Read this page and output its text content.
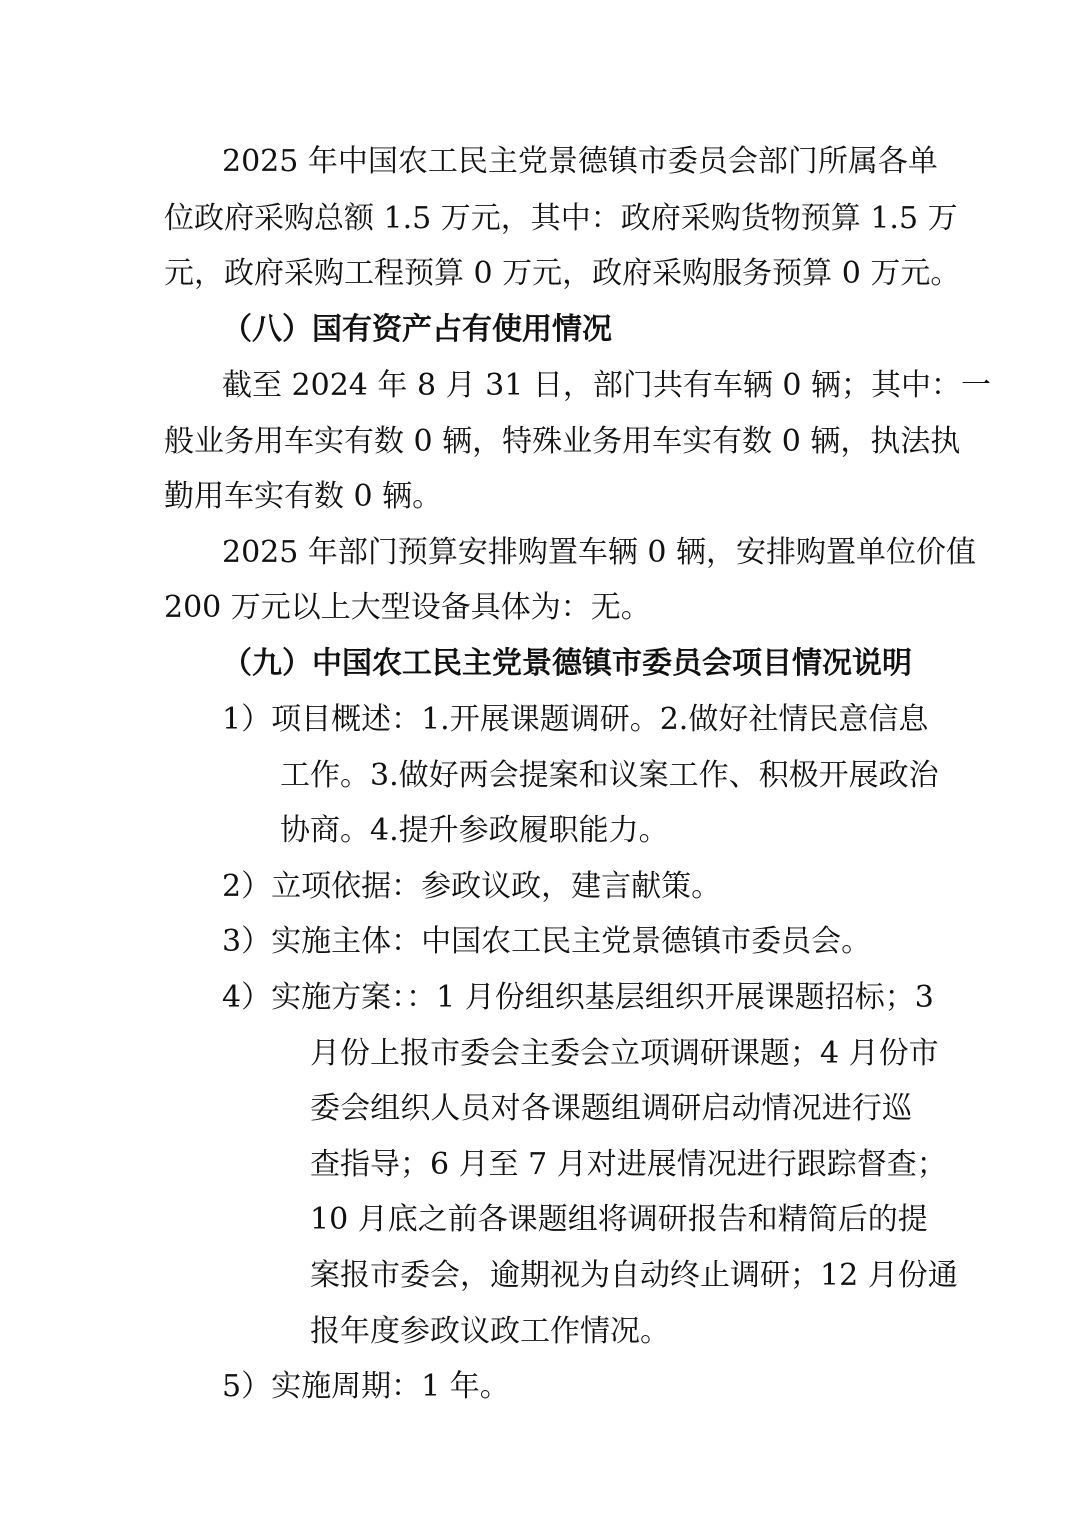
2025 年中国农工民主党景德镇市委员会部门所属各单
位政府采购总额 1.5 万元，其中：政府采购货物预算 1.5 万
元，政府采购工程预算 0 万元，政府采购服务预算 0 万元。
（八）国有资产占有使用情况
截至 2024 年 8 月 31 日，部门共有车辆 0 辆；其中：一
般业务用车实有数 0 辆，特殊业务用车实有数 0 辆，执法执
勤用车实有数 0 辆。
2025 年部门预算安排购置车辆 0 辆，安排购置单位价值
200 万元以上大型设备具体为：无。
（九）中国农工民主党景德镇市委员会项目情况说明
1）项目概述：1.开展课题调研。2.做好社情民意信息
工作。3.做好两会提案和议案工作、积极开展政治
协商。4.提升参政履职能力。
2）立项依据：参政议政，建言献策。
3）实施主体：中国农工民主党景德镇市委员会。
4）实施方案：：1 月份组织基层组织开展课题招标；3
月份上报市委会主委会立项调研课题；4 月份市
委会组织人员对各课题组调研启动情况进行巡
查指导；6 月至 7 月对进展情况进行跟踪督查；
10 月底之前各课题组将调研报告和精简后的提
案报市委会，逾期视为自动终止调研；12 月份通
报年度参政议政工作情况。
5）实施周期：1 年。
